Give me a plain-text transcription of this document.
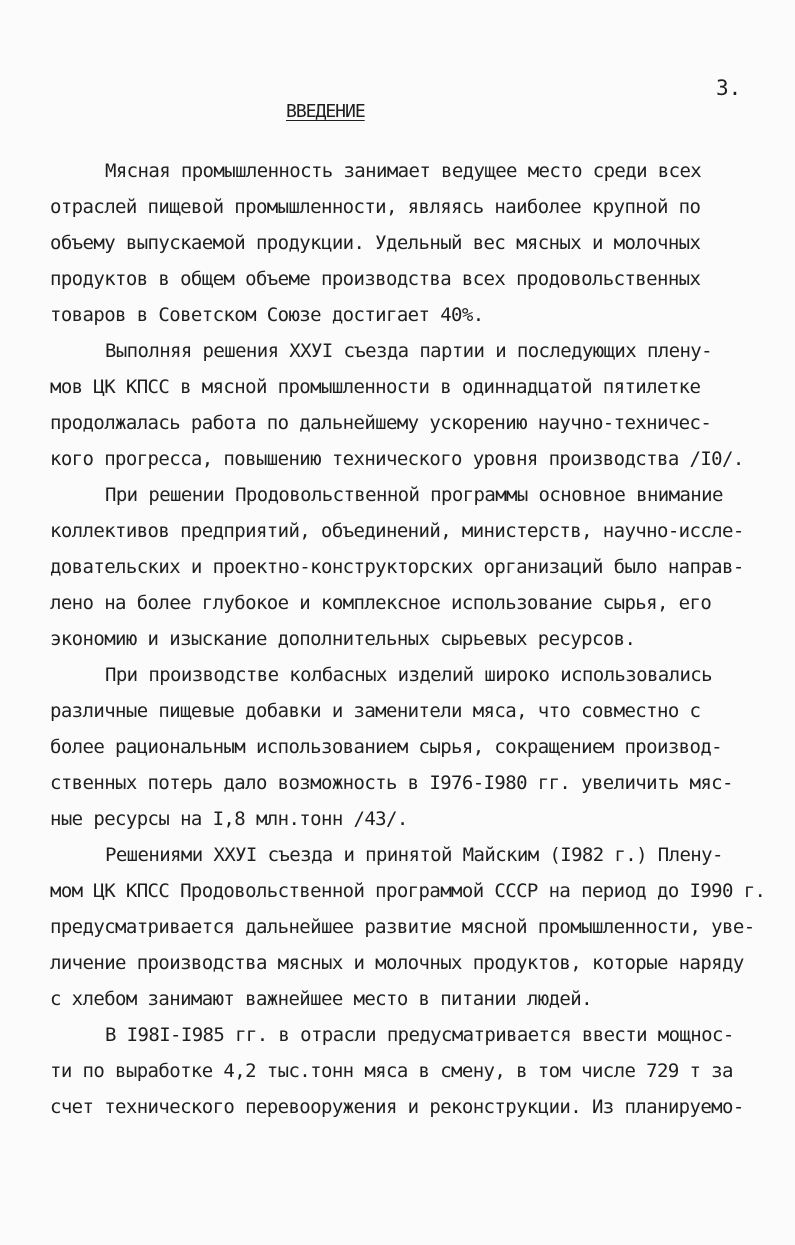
3.
ВВЕДЕНИЕ
Мясная промышленность занимает ведущее место среди всех
отраслей пищевой промышленности, являясь наиболее крупной по
объему выпускаемой продукции. Удельный вес мясных и молочных
продуктов в общем объеме производства всех продовольственных
товаров в Советском Союзе достигает 40%.
Выполняя решения XXУI съезда партии и последующих плену-
мов ЦК КПСС в мясной промышленности в одиннадцатой пятилетке
продолжалась работа по дальнейшему ускорению научно-техничес-
кого прогресса, повышению технического уровня производства /I0/.
При решении Продовольственной программы основное внимание
коллективов предприятий, объединений, министерств, научно-иссле-
довательских и проектно-конструкторских организаций было направ-
лено на более глубокое и комплексное использование сырья, его
экономию и изыскание дополнительных сырьевых ресурсов.
При производстве колбасных изделий широко использовались
различные пищевые добавки и заменители мяса, что совместно с
более рациональным использованием сырья, сокращением производ-
ственных потерь дало возможность в I976-I980 гг. увеличить мяс-
ные ресурсы на I,8 млн.тонн /43/.
Решениями XXУI съезда и принятой Майским (I982 г.) Плену-
мом ЦК КПСС Продовольственной программой СССР на период до I990 г.
предусматривается дальнейшее развитие мясной промышленности, уве-
личение производства мясных и молочных продуктов, которые наряду
с хлебом занимают важнейшее место в питании людей.
В I98I-I985 гг. в отрасли предусматривается ввести мощнос-
ти по выработке 4,2 тыс.тонн мяса в смену, в том числе 729 т за
счет технического перевооружения и реконструкции. Из планируемо-
